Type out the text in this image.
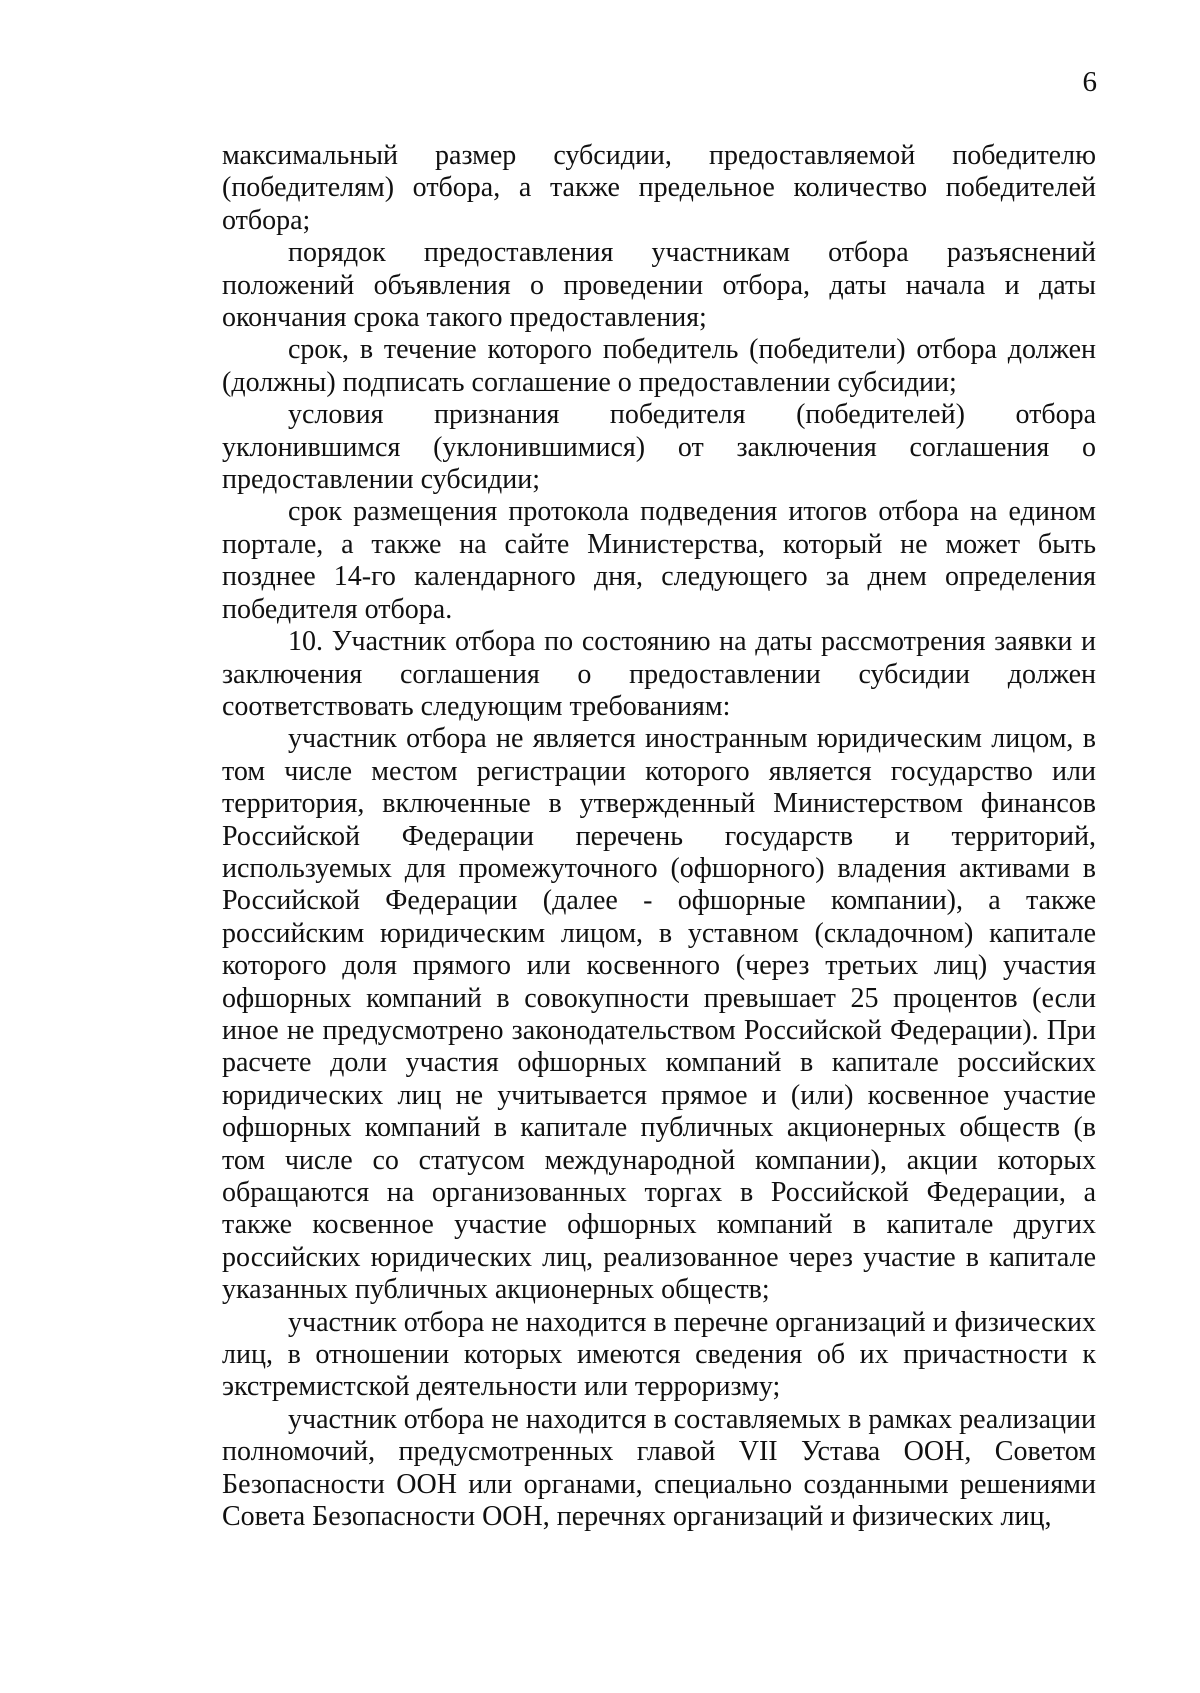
6

максимальный размер субсидии, предоставляемой победителю (победителям) отбора, а также предельное количество победителей отбора;

порядок предоставления участникам отбора разъяснений положений объявления о проведении отбора, даты начала и даты окончания срока такого предоставления;

срок, в течение которого победитель (победители) отбора должен (должны) подписать соглашение о предоставлении субсидии;

условия признания победителя (победителей) отбора уклонившимся (уклонившимися) от заключения соглашения о предоставлении субсидии;

срок размещения протокола подведения итогов отбора на едином портале, а также на сайте Министерства, который не может быть позднее 14-го календарного дня, следующего за днем определения победителя отбора.

10. Участник отбора по состоянию на даты рассмотрения заявки и заключения соглашения о предоставлении субсидии должен соответствовать следующим требованиям:

участник отбора не является иностранным юридическим лицом, в том числе местом регистрации которого является государство или территория, включенные в утвержденный Министерством финансов Российской Федерации перечень государств и территорий, используемых для промежуточного (офшорного) владения активами в Российской Федерации (далее - офшорные компании), а также российским юридическим лицом, в уставном (складочном) капитале которого доля прямого или косвенного (через третьих лиц) участия офшорных компаний в совокупности превышает 25 процентов (если иное не предусмотрено законодательством Российской Федерации). При расчете доли участия офшорных компаний в капитале российских юридических лиц не учитывается прямое и (или) косвенное участие офшорных компаний в капитале публичных акционерных обществ (в том числе со статусом международной компании), акции которых обращаются на организованных торгах в Российской Федерации, а также косвенное участие офшорных компаний в капитале других российских юридических лиц, реализованное через участие в капитале указанных публичных акционерных обществ;

участник отбора не находится в перечне организаций и физических лиц, в отношении которых имеются сведения об их причастности к экстремистской деятельности или терроризму;

участник отбора не находится в составляемых в рамках реализации полномочий, предусмотренных главой VII Устава ООН, Советом Безопасности ООН или органами, специально созданными решениями Совета Безопасности ООН, перечнях организаций и физических лиц,
